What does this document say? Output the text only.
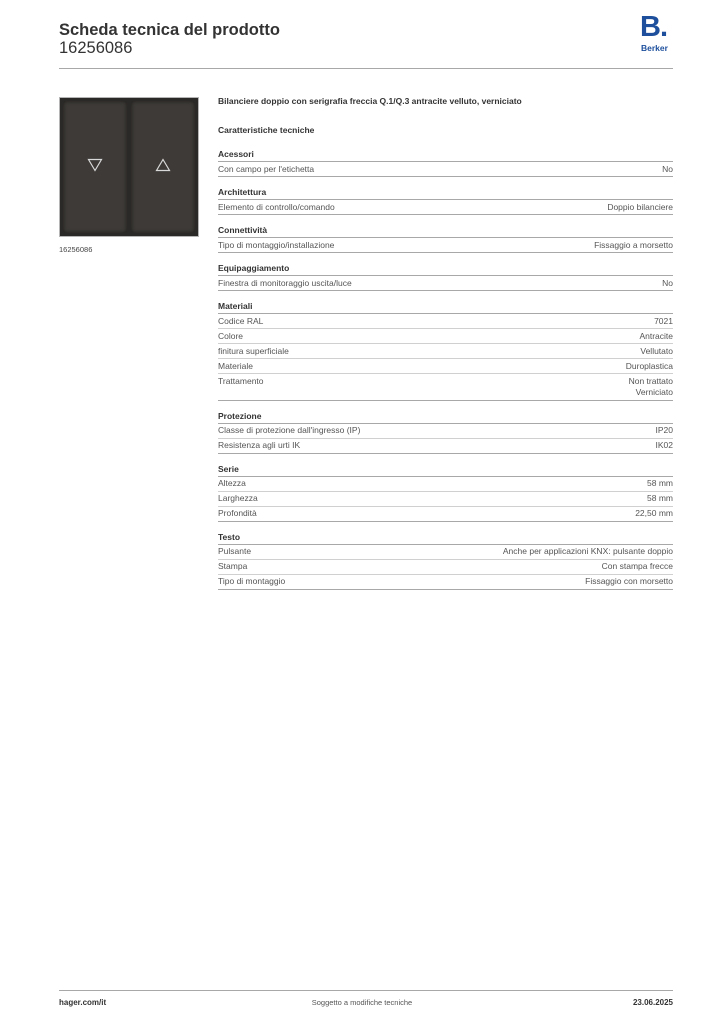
Scheda tecnica del prodotto
16256086
B.
Berker
16256086
Bilanciere doppio con serigrafia freccia Q.1/Q.3 antracite velluto, verniciato
Caratteristiche tecniche
Acessori
Con campo per l'etichetta	No
Architettura
Elemento di controllo/comando	Doppio bilanciere
Connettività
Tipo di montaggio/installazione	Fissaggio a morsetto
Equipaggiamento
Finestra di monitoraggio uscita/luce	No
Materiali
Codice RAL	7021
Colore	Antracite
finitura superficiale	Vellutato
Materiale	Duroplastica
Trattamento	Non trattato
Verniciato
Protezione
Classe di protezione dall'ingresso (IP)	IP20
Resistenza agli urti IK	IK02
Serie
Altezza	58 mm
Larghezza	58 mm
Profondità	22,50 mm
Testo
Pulsante	Anche per applicazioni KNX: pulsante doppio
Stampa	Con stampa frecce
Tipo di montaggio	Fissaggio con morsetto
hager.com/it	Soggetto a modifiche tecniche	23.06.2025
